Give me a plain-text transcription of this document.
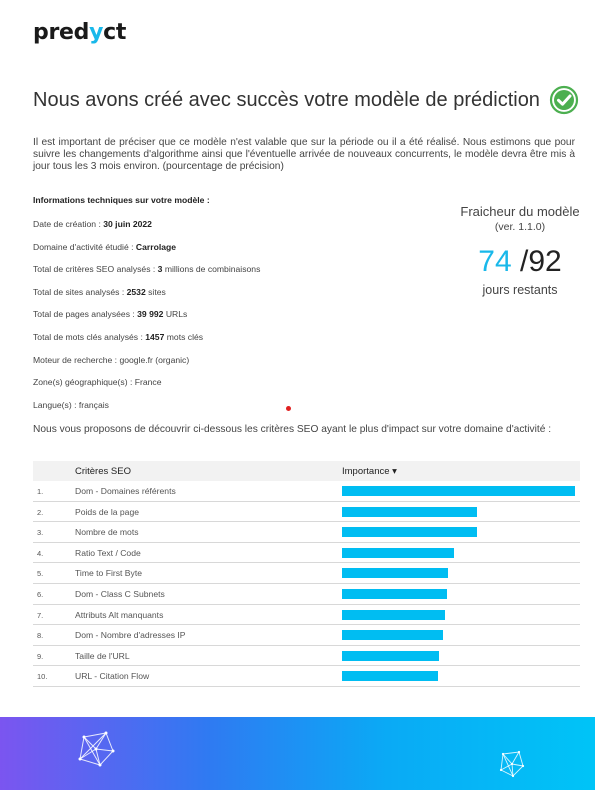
predyct
Nous avons créé avec succès votre modèle de prédiction

Il est important de préciser que ce modèle n'est valable que sur la période ou il a été réalisé. Nous estimons que pour suivre les changements d'algorithme ainsi que l'éventuelle arrivée de nouveaux concurrents, le modèle devra être mis à jour tous les 3 mois environ. (pourcentage de précision)

Informations techniques sur votre modèle :
Date de création : 30 juin 2022
Domaine d'activité étudié : Carrolage
Total de critères SEO analysés : 3 millions de combinaisons
Total de sites analysés : 2532 sites
Total de pages analysées : 39 992 URLs
Total de mots clés analysés : 1457 mots clés
Moteur de recherche : google.fr (organic)
Zone(s) géographique(s) : France
Langue(s) : français
Fraicheur du modèle
(ver. 1.1.0)
74 /92
jours restants

Nous vous proposons de découvrir ci-dessous les critères SEO ayant le plus d'impact sur votre domaine d'activité :

Critères SEO	Importance ▾
1.	Dom - Domaines référents
2.	Poids de la page
3.	Nombre de mots
4.	Ratio Text / Code
5.	Time to First Byte
6.	Dom - Class C Subnets
7.	Attributs Alt manquants
8.	Dom - Nombre d'adresses IP
9.	Taille de l'URL
10.	URL - Citation Flow
